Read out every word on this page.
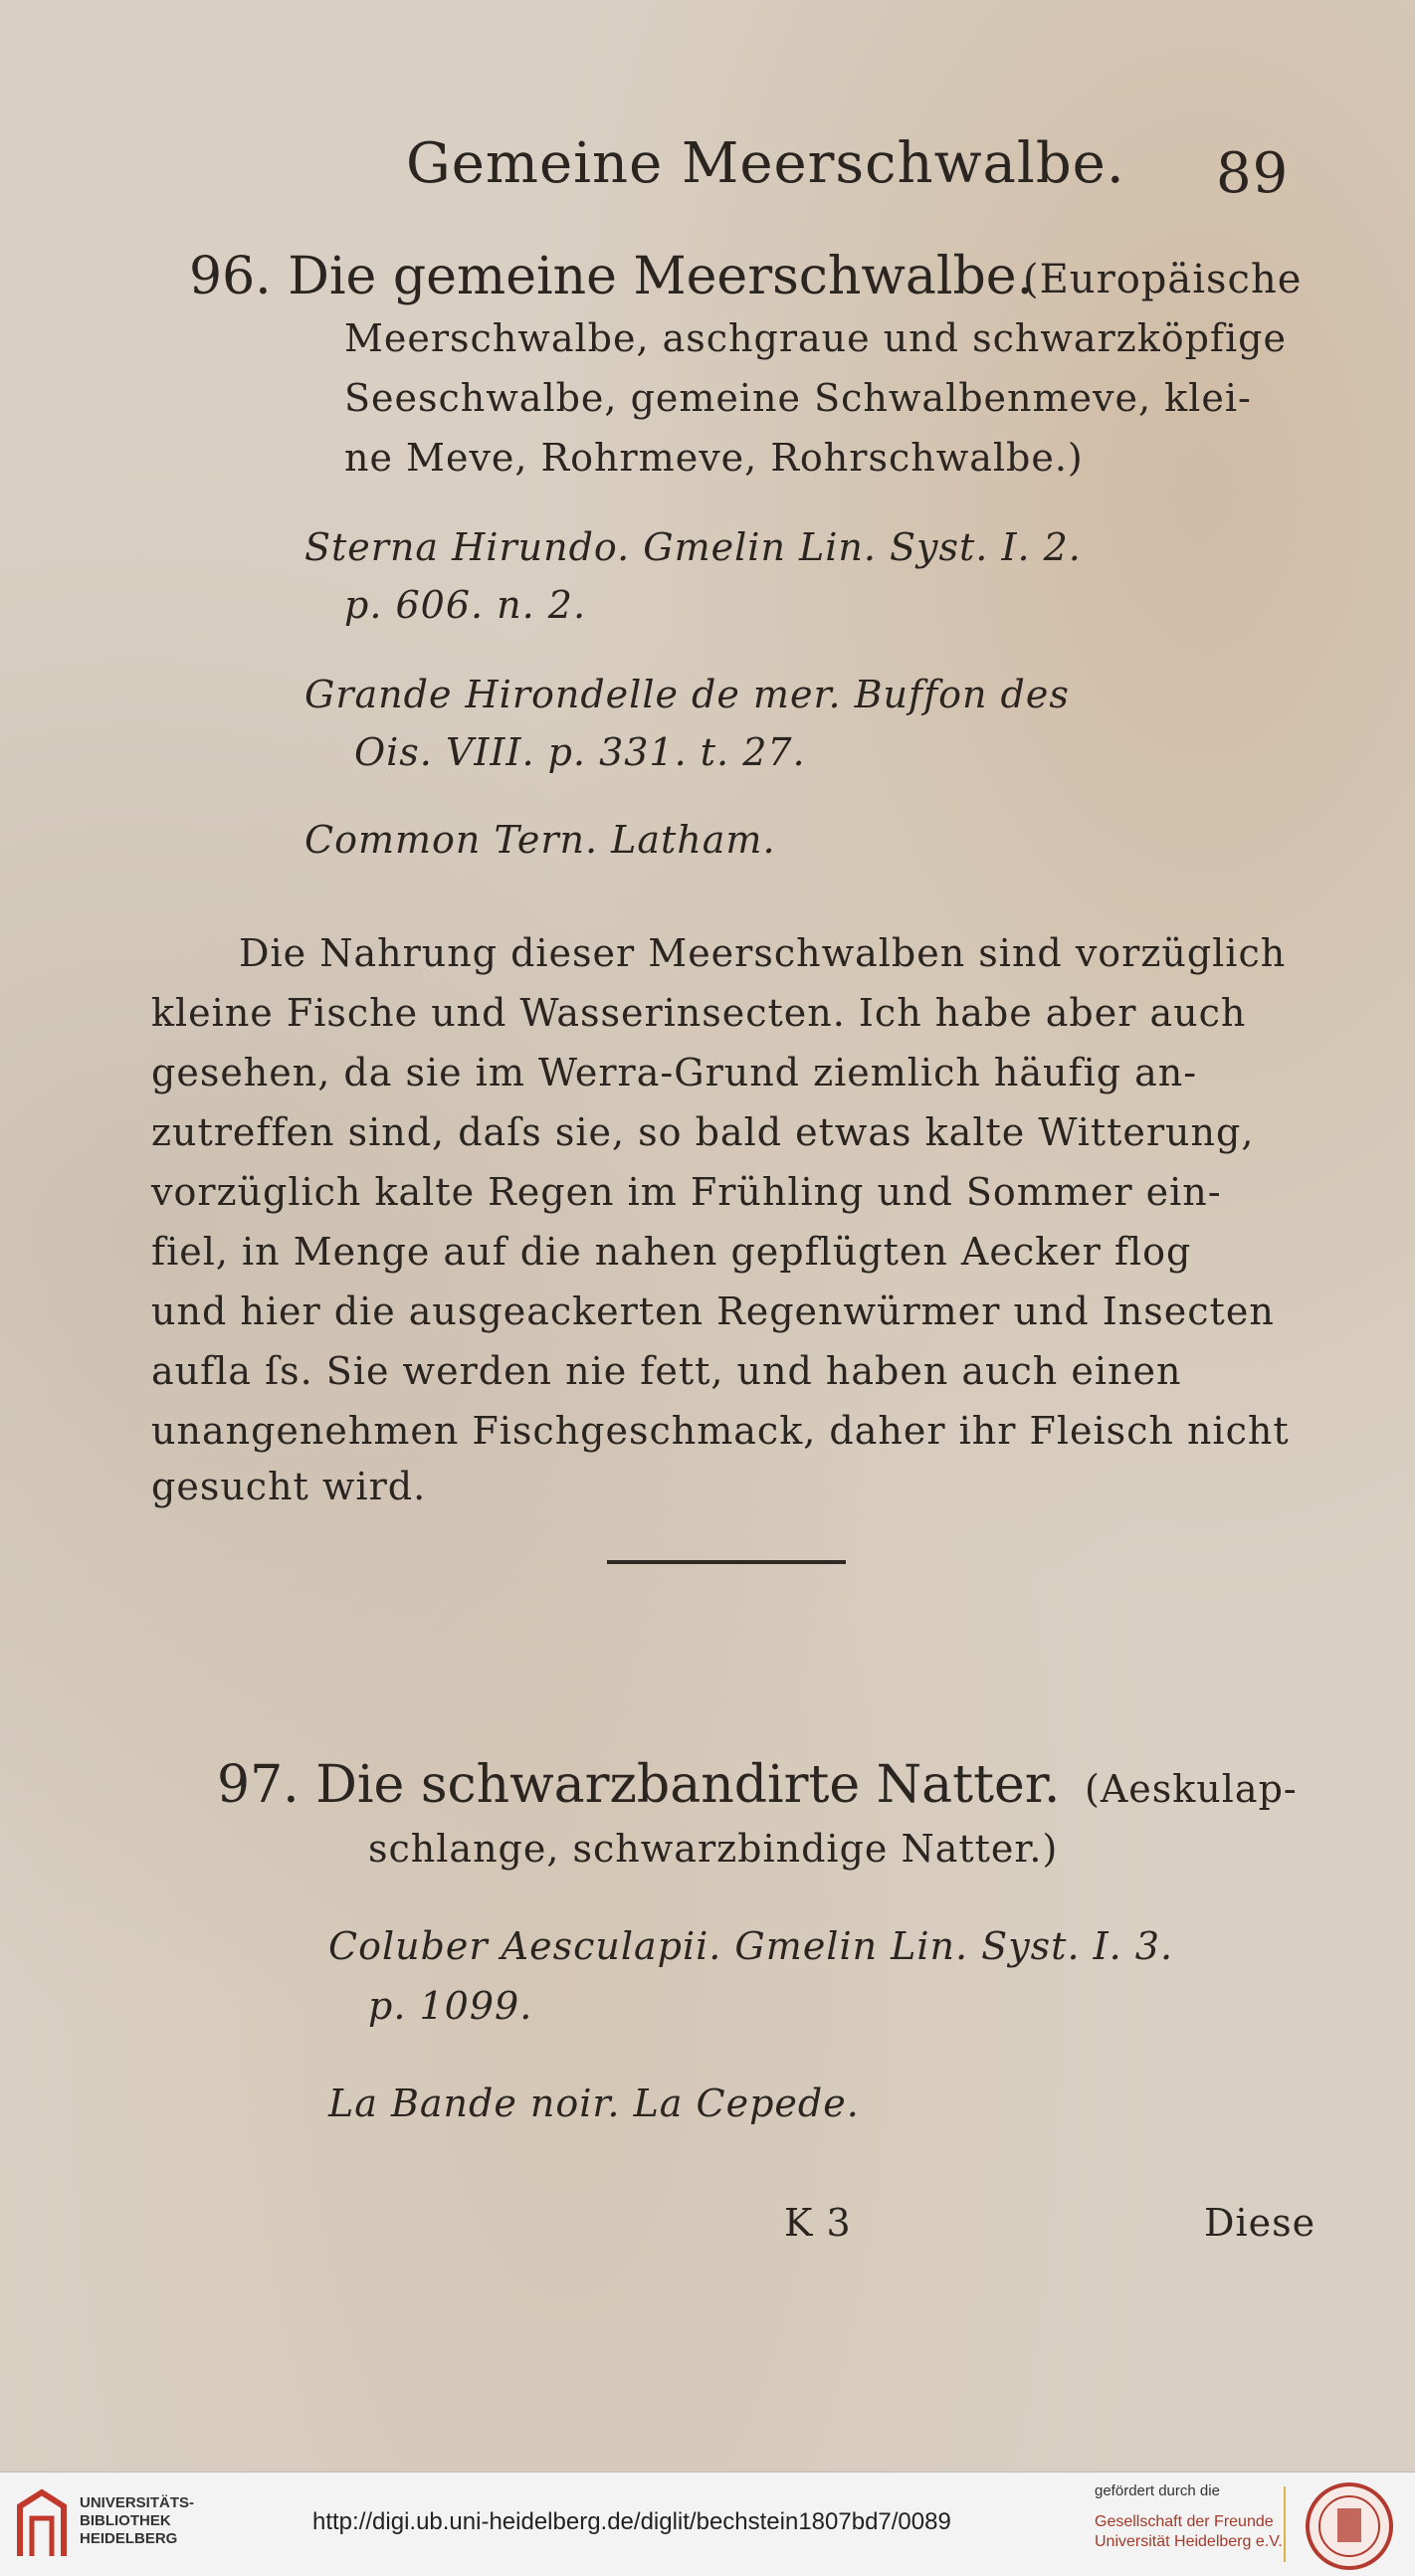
Gemeine Meerschwalbe. 89
96. Die gemeine Meerschwalbe.
(Europäische
Meerschwalbe, aschgraue und schwarzköpfige
Seeschwalbe, gemeine Schwalbenmeve, klei-
ne Meve, Rohrmeve, Rohrschwalbe.)
Sterna Hirundo. Gmelin Lin. Syst. I. 2.
p. 606. n. 2.
Grande Hirondelle de mer. Buffon des
Ois. VIII. p. 331. t. 27.
Common Tern. Latham.
Die Nahrung dieser Meerschwalben sind vorzüglich
kleine Fische und Wasserinsecten. Ich habe aber auch
gesehen, da sie im Werra-Grund ziemlich häufig an-
zutreffen sind, daſs sie, so bald etwas kalte Witterung,
vorzüglich kalte Regen im Frühling und Sommer ein-
fiel, in Menge auf die nahen gepflügten Aecker flog
und hier die ausgeackerten Regenwürmer und Insecten
aufla ſs. Sie werden nie fett, und haben auch einen
unangenehmen Fischgeschmack, daher ihr Fleisch nicht
gesucht wird.
97. Die schwarzbandirte Natter. (Aeskulap-
schlange, schwarzbindige Natter.)
Coluber Aesculapii. Gmelin Lin. Syst. I. 3.
p. 1099.
La Bande noir. La Cepede.
K 3	Diese
UNIVERSITÄTS-
BIBLIOTHEK
HEIDELBERG
http://digi.ub.uni-heidelberg.de/diglit/bechstein1807bd7/0089
gefördert durch die
Gesellschaft der Freunde
Universität Heidelberg e.V.
